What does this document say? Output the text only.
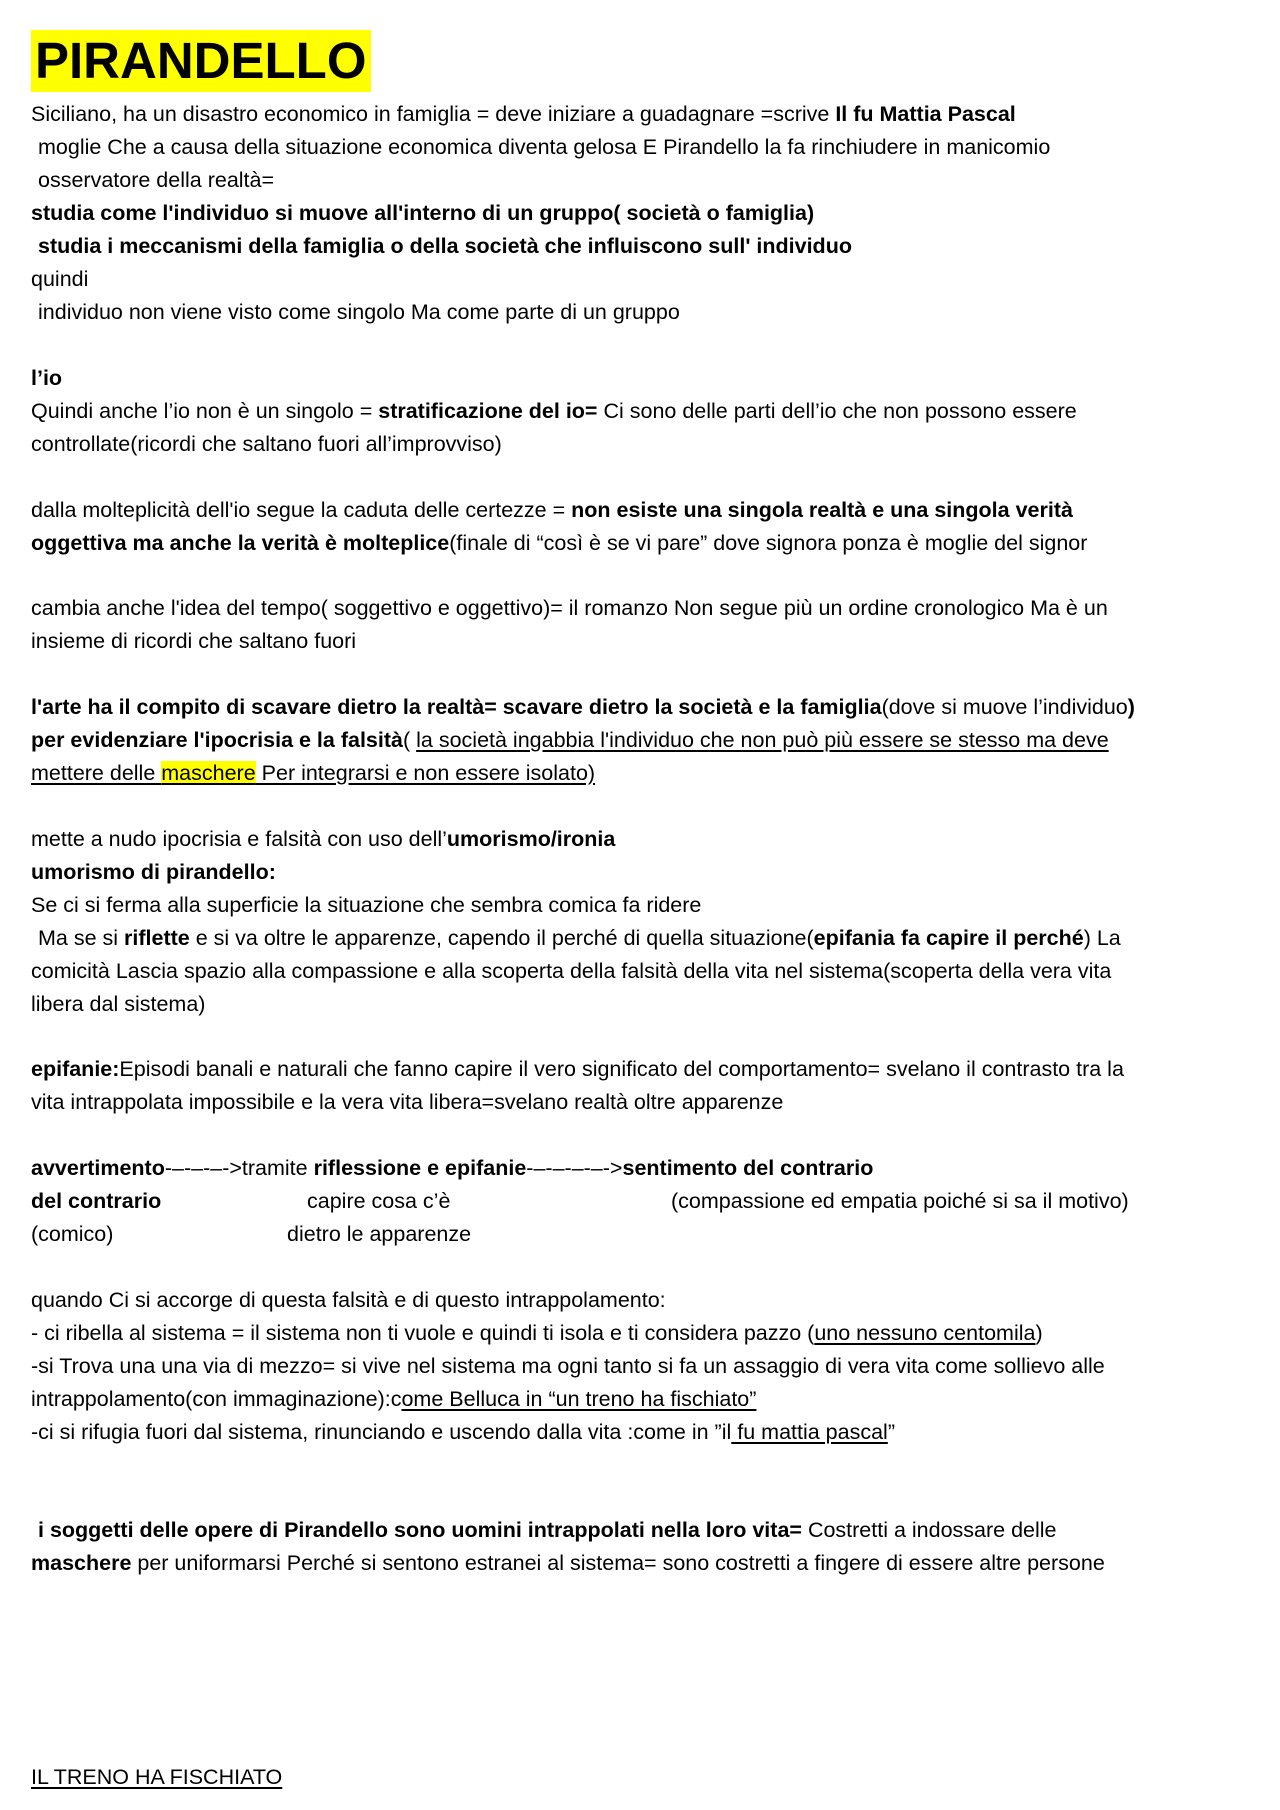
PIRANDELLO
Siciliano, ha un disastro economico in famiglia = deve iniziare a guadagnare =scrive Il fu Mattia Pascal
moglie Che a causa della situazione economica diventa gelosa E Pirandello la fa rinchiudere in manicomio
osservatore della realtà=
studia come l'individuo si muove all'interno di un gruppo( società o famiglia)
studia i meccanismi della famiglia o della società che influiscono sull' individuo
quindi
individuo non viene visto come singolo Ma come parte di un gruppo
l’io
Quindi anche l’io non è un singolo = stratificazione del io= Ci sono delle parti dell’io che non possono essere
controllate(ricordi che saltano fuori all’improvviso)
dalla molteplicità dell'io segue la caduta delle certezze = non esiste una singola realtà e una singola verità
oggettiva ma anche la verità è molteplice(finale di “così è se vi pare” dove signora ponza è moglie del signor
cambia anche l'idea del tempo( soggettivo e oggettivo)= il romanzo Non segue più un ordine cronologico Ma è un
insieme di ricordi che saltano fuori
l'arte ha il compito di scavare dietro la realtà= scavare dietro la società e la famiglia(dove si muove l’individuo)
per evidenziare l'ipocrisia e la falsità( la società ingabbia l'individuo che non può più essere se stesso ma deve
mettere delle maschere Per integrarsi e non essere isolato)
mette a nudo ipocrisia e falsità con uso dell’umorismo/ironia
umorismo di pirandello:
Se ci si ferma alla superficie la situazione che sembra comica fa ridere
Ma se si riflette e si va oltre le apparenze, capendo il perché di quella situazione(epifania fa capire il perché) La
comicità Lascia spazio alla compassione e alla scoperta della falsità della vita nel sistema(scoperta della vera vita
libera dal sistema)
epifanie:Episodi banali e naturali che fanno capire il vero significato del comportamento= svelano il contrasto tra la
vita intrappolata impossibile e la vera vita libera=svelano realtà oltre apparenze
avvertimento-–-–-–->tramite riflessione e epifanie-–-–-–-–->sentimento del contrario
del contrario	capire cosa c’è	(compassione ed empatia poiché si sa il motivo)
(comico)	dietro le apparenze
quando Ci si accorge di questa falsità e di questo intrappolamento:
- ci ribella al sistema = il sistema non ti vuole e quindi ti isola e ti considera pazzo (uno nessuno centomila)
-si Trova una una via di mezzo= si vive nel sistema ma ogni tanto si fa un assaggio di vera vita come sollievo alle
intrappolamento(con immaginazione):come Belluca in “un treno ha fischiato”
-ci si rifugia fuori dal sistema, rinunciando e uscendo dalla vita :come in ”il fu mattia pascal”
i soggetti delle opere di Pirandello sono uomini intrappolati nella loro vita= Costretti a indossare delle
maschere per uniformarsi Perché si sentono estranei al sistema= sono costretti a fingere di essere altre persone
IL TRENO HA FISCHIATO
